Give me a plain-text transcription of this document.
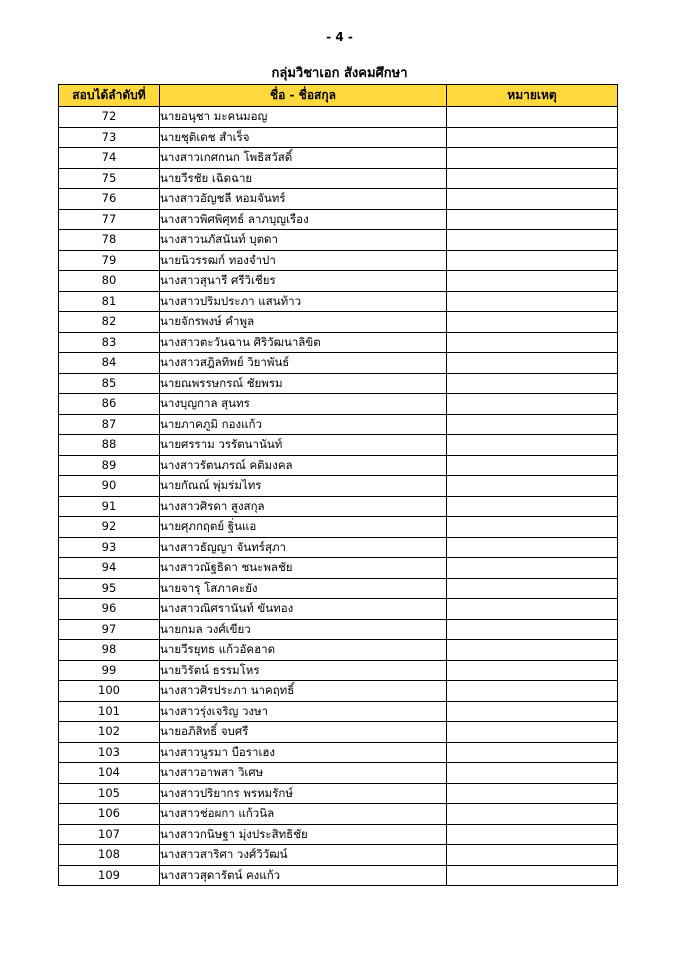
- 4 -
กลุ่มวิชาเอก สังคมศึกษา
สอบได้ลำดับที่	ชื่อ - ชื่อสกุล	หมายเหตุ
72	นายอนุชา มะคนมอญ	
73	นายชุติเดช สำเร็จ	
74	นางสาวเกศกนก โพธิสวัสดิ์	
75	นายวีรชัย เฉิดฉาย	
76	นางสาวอัญชลี หอมจันทร์	
77	นางสาวพิศพิศุทธ์ ลาภบุญเรือง	
78	นางสาวนภัสนันท์ บุตดา	
79	นายนิวรรฒก์ ทองจำปา	
80	นางสาวสุนารี ศรีวิเชียร	
81	นางสาวปริมประภา แสนท้าว	
82	นายจักรพงษ์ คำพูล	
83	นางสาวตะวันฉาน ศิริวัฒนาลิขิต	
84	นางสาวสฎิลทิพย์ วิยาพันธ์	
85	นายณพรรษกรณ์ ชัยพรม	
86	นางบุญกาล สุนทร	
87	นายภาคภูมิ กองแก้ว	
88	นายศรราม วรรัตนานันท์	
89	นางสาวรัตนภรณ์ คติมงคล	
90	นายกัณณ์ พุ่มร่มไทร	
91	นางสาวศิรดา สูงสกุล	
92	นายศุภกฤตย์ ฐิ่นแอ	
93	นางสาวธัญญา จันทร์สุภา	
94	นางสาวณัฐธิดา ชนะพลชัย	
95	นายจารุ โสภาคะยัง	
96	นางสาวณิศรานันท์ ขันทอง	
97	นายกมล วงศ์เขียว	
98	นายวีรยุทธ แก้วอัคฮาด	
99	นายวิรัตน์ ธรรมโหร	
100	นางสาวศิรประภา นาคฤทธิ์	
101	นางสาวรุ่งเจริญ วงษา	
102	นายอภิสิทธิ์ จบศรี	
103	นางสาวนูรมา บือราเฮง	
104	นางสาวอาพสา วิเศษ	
105	นางสาวปริยากร พรหมรักษ์	
106	นางสาวช่อผกา แก้วนิล	
107	นางสาวกนิษฐา มุ่งประสิทธิชัย	
108	นางสาวสาริศา วงศ์วิวัฒน์	
109	นางสาวสุดารัตน์ คงแก้ว	
